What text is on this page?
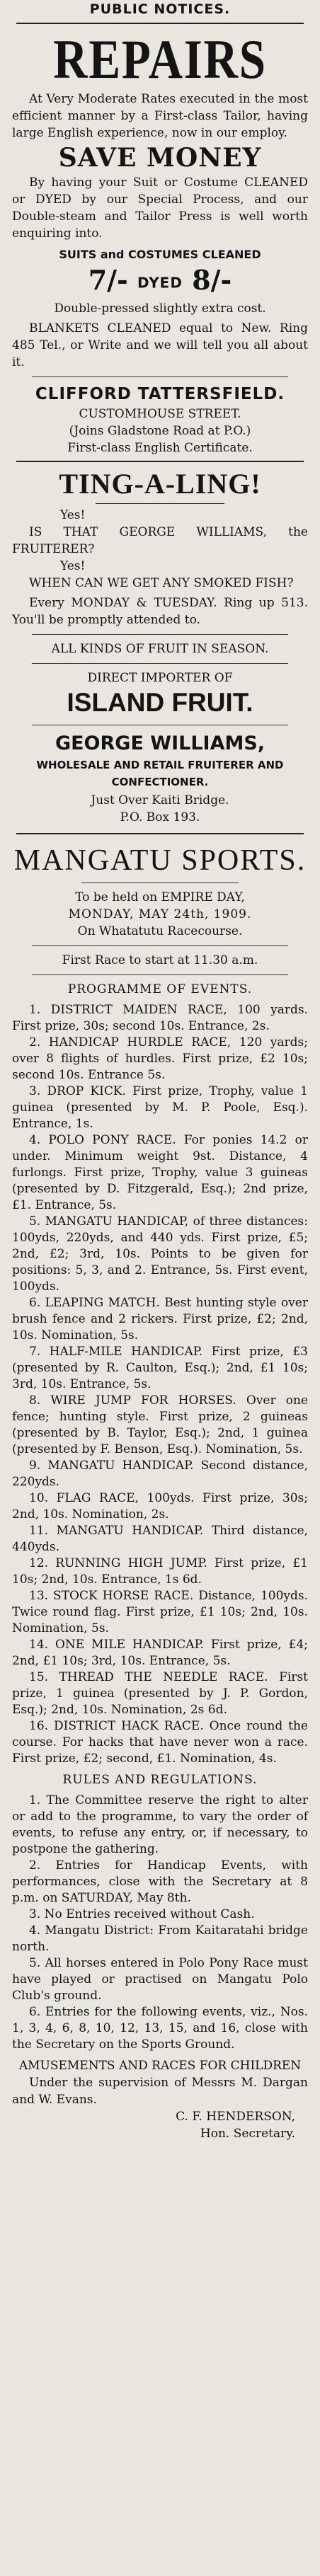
PUBLIC NOTICES.
REPAIRS
At Very Moderate Rates executed in the most efficient manner by a First-class Tailor, having large English experience, now in our employ.
SAVE MONEY
By having your Suit or Costume CLEANED or DYED by our Special Process, and our Double-steam and Tailor Press is well worth enquiring into.
SUITS and COSTUMES CLEANED
7/- DYED 8/-
Double-pressed slightly extra cost.
BLANKETS CLEANED equal to New. Ring 485 Tel., or Write and we will tell you all about it.
CLIFFORD TATTERSFIELD.
CUSTOMHOUSE STREET.
(Joins Gladstone Road at P.O.)
First-class English Certificate.
TING-A-LING!
Yes!
IS THAT GEORGE WILLIAMS, the FRUITERER?
Yes!
WHEN CAN WE GET ANY SMOKED FISH?
Every MONDAY & TUESDAY. Ring up 513. You'll be promptly attended to.
ALL KINDS OF FRUIT IN SEASON.
DIRECT IMPORTER OF
ISLAND FRUIT.
GEORGE WILLIAMS,
WHOLESALE AND RETAIL FRUITERER AND CONFECTIONER.
Just Over Kaiti Bridge.
P.O. Box 193.
MANGATU SPORTS.
To be held on EMPIRE DAY,
MONDAY, MAY 24th, 1909.
On Whatatutu Racecourse.
First Race to start at 11.30 a.m.
PROGRAMME OF EVENTS.
1. DISTRICT MAIDEN RACE, 100 yards. First prize, 30s; second 10s. Entrance, 2s.
2. HANDICAP HURDLE RACE, 120 yards; over 8 flights of hurdles. First prize, £2 10s; second 10s. Entrance 5s.
3. DROP KICK. First prize, Trophy, value 1 guinea (presented by M. P. Poole, Esq.). Entrance, 1s.
4. POLO PONY RACE. For ponies 14.2 or under. Minimum weight 9st. Distance, 4 furlongs. First prize, Trophy, value 3 guineas (presented by D. Fitzgerald, Esq.); 2nd prize, £1. Entrance, 5s.
5. MANGATU HANDICAP, of three distances: 100yds, 220yds, and 440 yds. First prize, £5; 2nd, £2; 3rd, 10s. Points to be given for positions: 5, 3, and 2. Entrance, 5s. First event, 100yds.
6. LEAPING MATCH. Best hunting style over brush fence and 2 rickers. First prize, £2; 2nd, 10s. Nomination, 5s.
7. HALF-MILE HANDICAP. First prize, £3 (presented by R. Caulton, Esq.); 2nd, £1 10s; 3rd, 10s. Entrance, 5s.
8. WIRE JUMP FOR HORSES. Over one fence; hunting style. First prize, 2 guineas (presented by B. Taylor, Esq.); 2nd, 1 guinea (presented by F. Benson, Esq.). Nomination, 5s.
9. MANGATU HANDICAP. Second distance, 220yds.
10. FLAG RACE, 100yds. First prize, 30s; 2nd, 10s. Nomination, 2s.
11. MANGATU HANDICAP. Third distance, 440yds.
12. RUNNING HIGH JUMP. First prize, £1 10s; 2nd, 10s. Entrance, 1s 6d.
13. STOCK HORSE RACE. Distance, 100yds. Twice round flag. First prize, £1 10s; 2nd, 10s. Nomination, 5s.
14. ONE MILE HANDICAP. First prize, £4; 2nd, £1 10s; 3rd, 10s. Entrance, 5s.
15. THREAD THE NEEDLE RACE. First prize, 1 guinea (presented by J. P. Gordon, Esq.); 2nd, 10s. Nomination, 2s 6d.
16. DISTRICT HACK RACE. Once round the course. For hacks that have never won a race. First prize, £2; second, £1. Nomination, 4s.
RULES AND REGULATIONS.
1. The Committee reserve the right to alter or add to the programme, to vary the order of events, to refuse any entry, or, if necessary, to postpone the gathering.
2. Entries for Handicap Events, with performances, close with the Secretary at 8 p.m. on SATURDAY, May 8th.
3. No Entries received without Cash.
4. Mangatu District: From Kaitaratahi bridge north.
5. All horses entered in Polo Pony Race must have played or practised on Mangatu Polo Club's ground.
6. Entries for the following events, viz., Nos. 1, 3, 4, 6, 8, 10, 12, 13, 15, and 16, close with the Secretary on the Sports Ground.
AMUSEMENTS AND RACES FOR CHILDREN
Under the supervision of Messrs M. Dargan and W. Evans.
C. F. HENDERSON,
Hon. Secretary.
